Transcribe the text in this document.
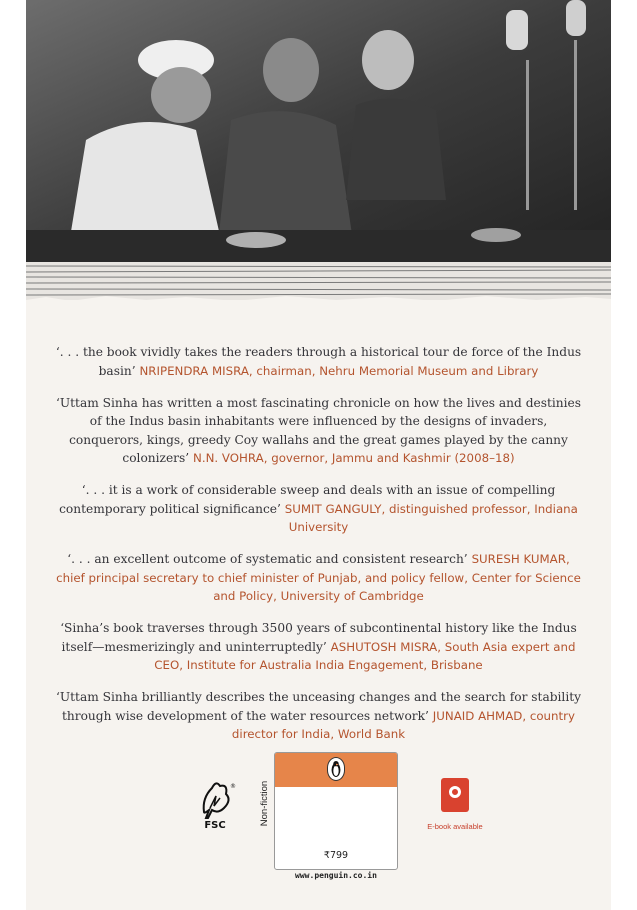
‘. . . the book vividly takes the readers through a historical tour de force of the Indus basin’ NRIPENDRA MISRA, chairman, Nehru Memorial Museum and Library

‘Uttam Sinha has written a most fascinating chronicle on how the lives and destinies of the Indus basin inhabitants were influenced by the designs of invaders, conquerors, kings, greedy Coy wallahs and the great games played by the canny colonizers’ N.N. VOHRA, governor, Jammu and Kashmir (2008–18)

‘. . . it is a work of considerable sweep and deals with an issue of compelling contemporary political significance’ SUMIT GANGULY, distinguished professor, Indiana University

‘. . . an excellent outcome of systematic and consistent research’ SURESH KUMAR, chief principal secretary to chief minister of Punjab, and policy fellow, Center for Science and Policy, University of Cambridge

‘Sinha’s book traverses through 3500 years of subcontinental history like the Indus itself—mesmerizingly and uninterruptedly’ ASHUTOSH MISRA, South Asia expert and CEO, Institute for Australia India Engagement, Brisbane

‘Uttam Sinha brilliantly describes the unceasing changes and the search for stability through wise development of the water resources network’ JUNAID AHMAD, country director for India, World Bank

®
FSC	Non-fiction
₹799
www.penguin.co.in
E-book available
